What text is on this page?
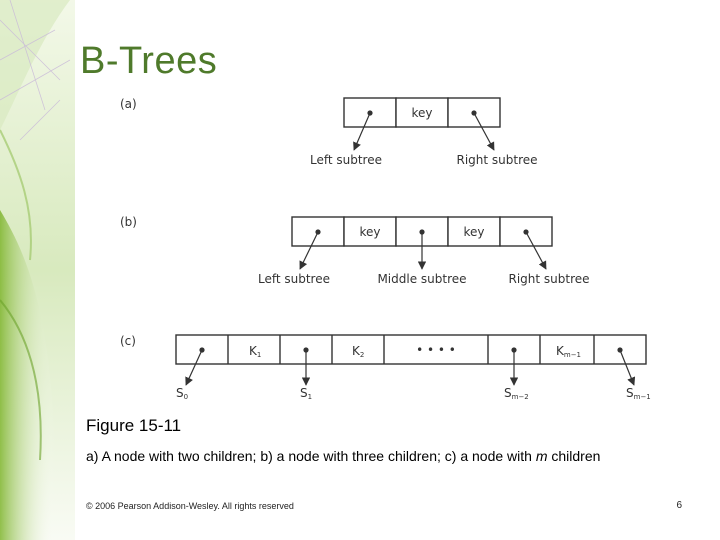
B-Trees
(a)
key
Left subtree	Right subtree
(b)
key	key
Left subtree	Middle subtree	Right subtree
(c)
K1	K2	• • • •	Km−1
S0	S1	Sm−2	Sm−1
Figure 15-11
a) A node with two children; b) a node with three children; c) a node with m children
© 2006 Pearson Addison-Wesley. All rights reserved	6
